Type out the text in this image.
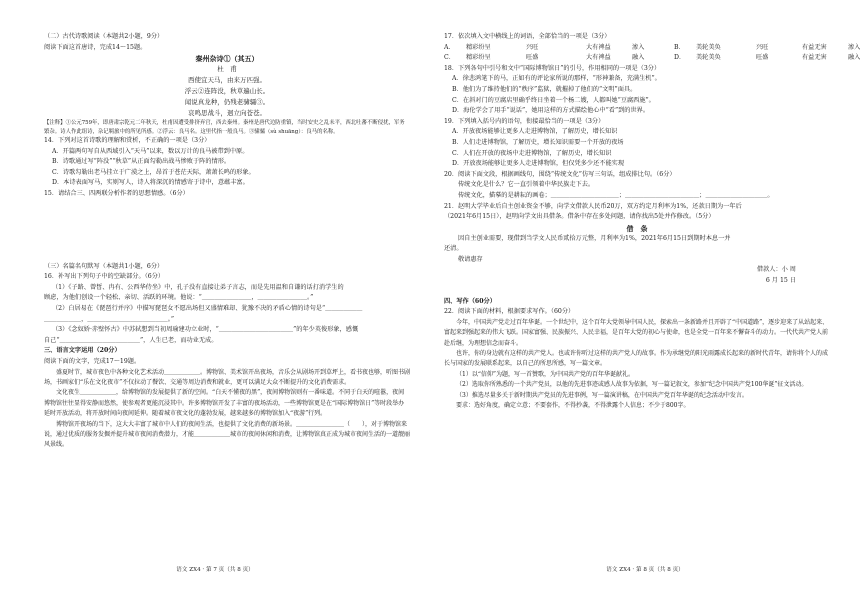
（二）古代诗歌阅读（本题共2小题，9分）
阅读下面这首唐诗，完成14～15题。
秦州杂诗①（其五）
杜　甫
西使宜天马，由来万匹强。
浮云②连阵没，秋草遍山长。
闻说真龙种，仍残老骕骦③。
哀鸣思战斗，迥立向苍苍。
【注释】①公元759年，即唐肃宗乾元二年秋天，杜甫因遭受排挤弃官，西去秦州。秦州是唐代边防重镇，当时安史之乱未平，西北吐蕃不断侵扰，军务繁杂。诗人作此组诗，杂记羁旅中的所见所感。②浮云：良马名。这里代指一般良马。③骕骦（sù shuāng）：良马的名称。
14．下列对这首诗歌的理解和赏析，不正确的一项是（3分）
A．开篇两句写自从西域引入“天马”以来，数以万计的良马被带到中原。
B．诗歌通过写“阵没”“秋草”从正面勾勒出战马惨败于阵的情形。
C．诗歌勾勒出老马挂立于广漠之上，昂首于苍茫天际，萧萧长鸣的形象。
D．本诗表面写马，实则写人，诗人将深沉的情感寄于诗中，意蕴丰富。
15．请结合三、四两联分析作者的思想情感。（6分）
（三）名篇名句默写（本题共1小题，6分）
16．补写出下列句子中的空缺部分。（6分）
（1）《子路、曾皙、冉有、公西华侍坐》中，孔子没有直接让弟子言志，而是先用温和自谦的话打消学生的
顾虑，为他们创设一个轻松、亲切、活跃的环境。他说：“＿＿＿＿＿＿＿＿，＿＿＿＿＿＿＿＿。”
（2）白居易在《琵琶行并序》中描写琵琶女不愿出场但又盛情难却、犹豫不决的矛盾心情的诗句是“＿＿＿＿＿＿
＿＿＿＿＿＿，＿＿＿＿＿＿＿＿＿＿＿＿＿。”
（3）《念奴娇·赤壁怀古》中苏轼想到当初周瑜建功立业时，“＿＿＿＿＿＿＿＿＿＿＿＿”的年少英俊形象，感慨
自己“＿＿＿＿＿＿＿＿＿＿＿＿＿”，人生已老，而功业无成。
三、语言文字运用（20分）
阅读下面的文字，完成17～19题。
盛夏时节，城市夜色中各种文化艺术活动＿＿＿＿＿＿。博物馆、美术馆开出夜场，音乐会从剧场开到草坪上，看书夜也够，听图书剧场，书画家们“乐在文化夜市”不仅拉动了餐饮、交通等周边消费和就业，更可以满足大众不断提升的文化消费需求。
文化夜生＿＿＿＿＿＿，给博物馆的发展提供了新的空间。“白天不懂夜的黑”，夜间博物馆则有一番味道。不同于白天的喧嚣，夜间博物馆往往显得安静而悠然，使参观者更能沉浸其中。许多博物馆开发了丰富的夜场活动，一些博物馆更是在“国际博物馆日”等时段举办延时开放活动，将开放时间向夜间延伸。随着城市夜文化的蓬勃发展，越来越多的博物馆加入“夜游”行列。
博物馆开夜场的当下，这大大丰富了城市中人们的夜间生活，也提供了文化消费的新场景。＿＿＿＿＿＿＿＿（　　），对于博物馆来说，通过优质的服务发掘并提升城市夜间消费潜力，才能＿＿＿＿＿＿城市的夜间休闲和消费，让博物馆真正成为城市夜间生活的一道靓丽风景线。
语文 ZX4 · 第 7 页（共 8 页）
17．依次填入文中横线上的词语，全部恰当的一项是（3分）
A．	精彩纷呈	兴旺	大有裨益	渗入	B．	美轮美奂	兴旺	有益无害	渗入
C．	精彩纷呈	旺盛	大有裨益	融入	D．	美轮美奂	旺盛	有益无害	融入
18．下列各句中引号和文中“国际博物馆日”的引号，作用相同的一项是（3分）
A．徐悲鸿笔下的马，正如有的评论家所说的那样，“形神兼备，充满生机”。
B．他们为了维持他们的“秩序”监狱，就摧掉了他们的“文明”面具。
C．在斜对门的豆腐店里确乎终日坐着一个杨二嫂，人都叫她“豆腐西施”。
D．海伦学会了用手“说话”，她用这样的方式描绘他心中“看”到的世界。
19．下列填入括号内的语句，衔接最恰当的一项是（3分）
A．开放夜场能够让更多人走进博物馆，了解历史，增长知识
B．人们走进博物馆，了解历史，增长知识需要一个开放的夜场
C．人们在开放的夜场中走进博物馆，了解历史，增长知识
D．开放夜场能够让更多人走进博物馆，但仅凭多少还不能实现
20．阅读下面文段，根据画线句，围绕“传统文化”仿写三句话，组成排比句。（6分）
传统文化是什么？它一直引领着中华民族走下去。
传统文化，描摹的是耕耘的画卷；＿＿＿＿＿＿＿＿＿＿＿；＿＿＿＿＿＿＿＿＿＿＿＿；＿＿＿＿＿＿＿＿＿＿。
21．赵明大学毕业后自主创业资金不够，向学文借款人民币20万，双方约定月利率为1%，还款日期为一年后
（2021年6月15日），赵明向学文出具借条。借条中存在多处问题，请你找出5处并作修改。（5分）
借　条
因自主创业需要，现借到当学文人民币贰拾万元整，月利率为1%，2021年6月15日到期时本息一并
还清。
敬请惠存
借款人：小 周
6 月 15 日
四、写作（60分）
22．阅读下面的材料，根据要求写作。（60分）
今年，中国共产党走过百年华诞。一个世纪中，这个百年大党领导中国人民，探索出一条新路并且开辟了“中国道路”，逐步迎来了从站起来、富起来到强起来的伟大飞跃。国家富强、民族振兴、人民幸福，是百年大党的初心与使命，也是全党一百年来不懈奋斗的动力。一代代共产党人前赴后继，为理想信念而奋斗。
也许，你的身边就有这样的共产党人。也或许你听过这样的共产党人的故事。作为承继党的阳光雨露成长起来的新时代青年，请你将个人的成长与国家的发展联系起来，以自己的所思所感，写一篇文章。
（1）以“信仰”为题，写一首赞歌，为中国共产党的百年华诞献礼。
（2）选取你所熟悉的一个共产党员，以他的先进事迹或感人故事为依据，写一篇记叙文，参加“纪念中国共产党100华诞”征文活动。
（3）推选尽量多关于新时期共产党员的先进事例，写一篇演讲稿，在中国共产党百年华诞的纪念活动中发言。
要求：选好角度，确定立意；不要套作，不得抄袭，不得泄露个人信息；不少于800字。
语文 ZX4 · 第 8 页（共 8 页）
